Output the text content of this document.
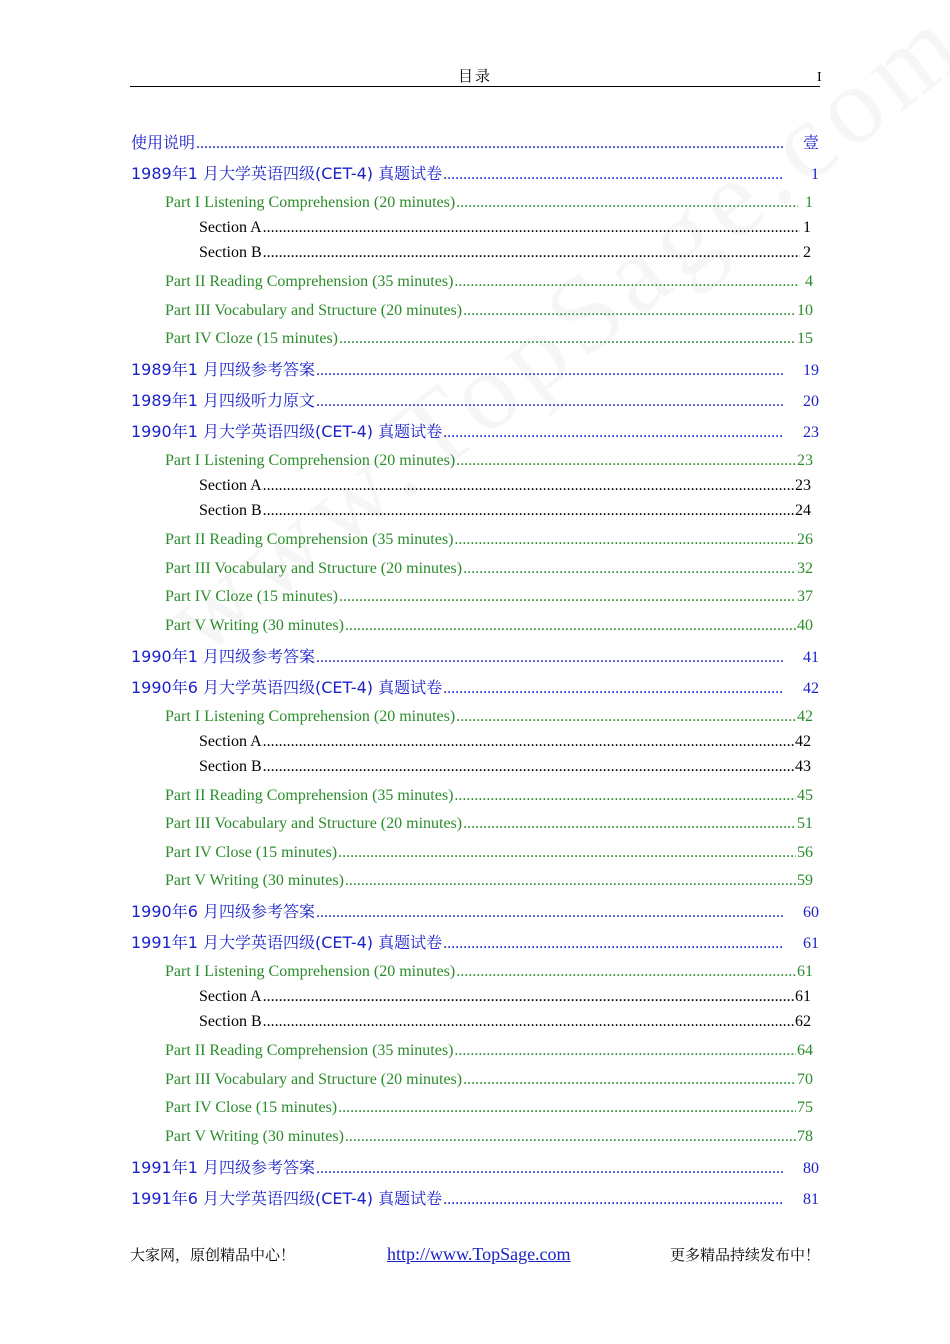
目录	I
使用说明 .....	壹
1989年1 月大学英语四级(CET-4) 真题试卷 .....	1
Part I Listening Comprehension (20 minutes) .....	1
Section A .....	1
Section B .....	2
Part II Reading Comprehension (35 minutes) .....	4
Part III Vocabulary and Structure (20 minutes) .....	10
Part IV Cloze (15 minutes) .....	15
1989年1 月四级参考答案 .....	19
1989年1 月四级听力原文 .....	20
1990年1 月大学英语四级(CET-4) 真题试卷 .....	23
Part I Listening Comprehension (20 minutes) .....	23
Section A .....	23
Section B .....	24
Part II Reading Comprehension (35 minutes) .....	26
Part III Vocabulary and Structure (20 minutes) .....	32
Part IV Cloze (15 minutes) .....	37
Part V Writing (30 minutes) .....	40
1990年1 月四级参考答案 .....	41
1990年6 月大学英语四级(CET-4) 真题试卷 .....	42
Part I Listening Comprehension (20 minutes) .....	42
Section A .....	42
Section B .....	43
Part II Reading Comprehension (35 minutes) .....	45
Part III Vocabulary and Structure (20 minutes) .....	51
Part IV Close (15 minutes) .....	56
Part V Writing (30 minutes) .....	59
1990年6 月四级参考答案 .....	60
1991年1 月大学英语四级(CET-4) 真题试卷 .....	61
Part I Listening Comprehension (20 minutes) .....	61
Section A .....	61
Section B .....	62
Part II Reading Comprehension (35 minutes) .....	64
Part III Vocabulary and Structure (20 minutes) .....	70
Part IV Close (15 minutes) .....	75
Part V Writing (30 minutes) .....	78
1991年1 月四级参考答案 .....	80
1991年6 月大学英语四级(CET-4) 真题试卷 .....	81
大家网，原创精品中心！	http://www.TopSage.com	更多精品持续发布中！
